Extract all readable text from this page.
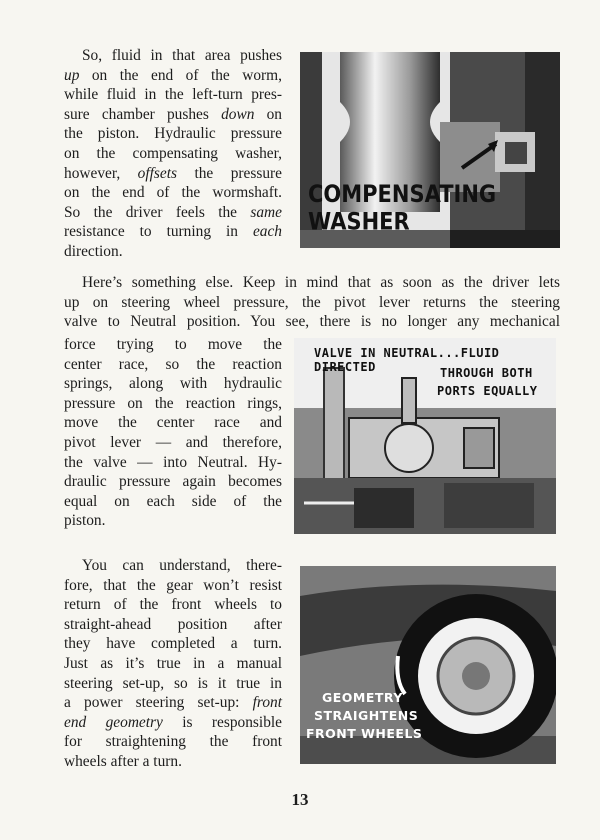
So, fluid in that area pushes
up on the end of the worm,
while fluid in the left-turn pres-
sure chamber pushes down on
the piston. Hydraulic pressure
on the compensating washer,
however, offsets the pressure
on the end of the wormshaft.
So the driver feels the same
resistance to turning in each
direction.
COMPENSATING WASHER
Here’s something else. Keep in mind that as soon as the driver lets
up on steering wheel pressure, the pivot lever returns the steering
valve to Neutral position. You see, there is no longer any mechanical
force trying to move the
center race, so the reaction
springs, along with hydraulic
pressure on the reaction rings,
move the center race and
pivot lever — and therefore,
the valve — into Neutral. Hy-
draulic pressure again becomes
equal on each side of the
piston.
VALVE IN NEUTRAL...FLUID DIRECTED	THROUGH BOTH
PORTS EQUALLY
You can understand, there-
fore, that the gear won’t resist
return of the front wheels to
straight-ahead position after
they have completed a turn.
Just as it’s true in a manual
steering set-up, so is it true in
a power steering set-up: front
end geometry is responsible
for straightening the front
wheels after a turn.
GEOMETRY
STRAIGHTENS
FRONT WHEELS
13
